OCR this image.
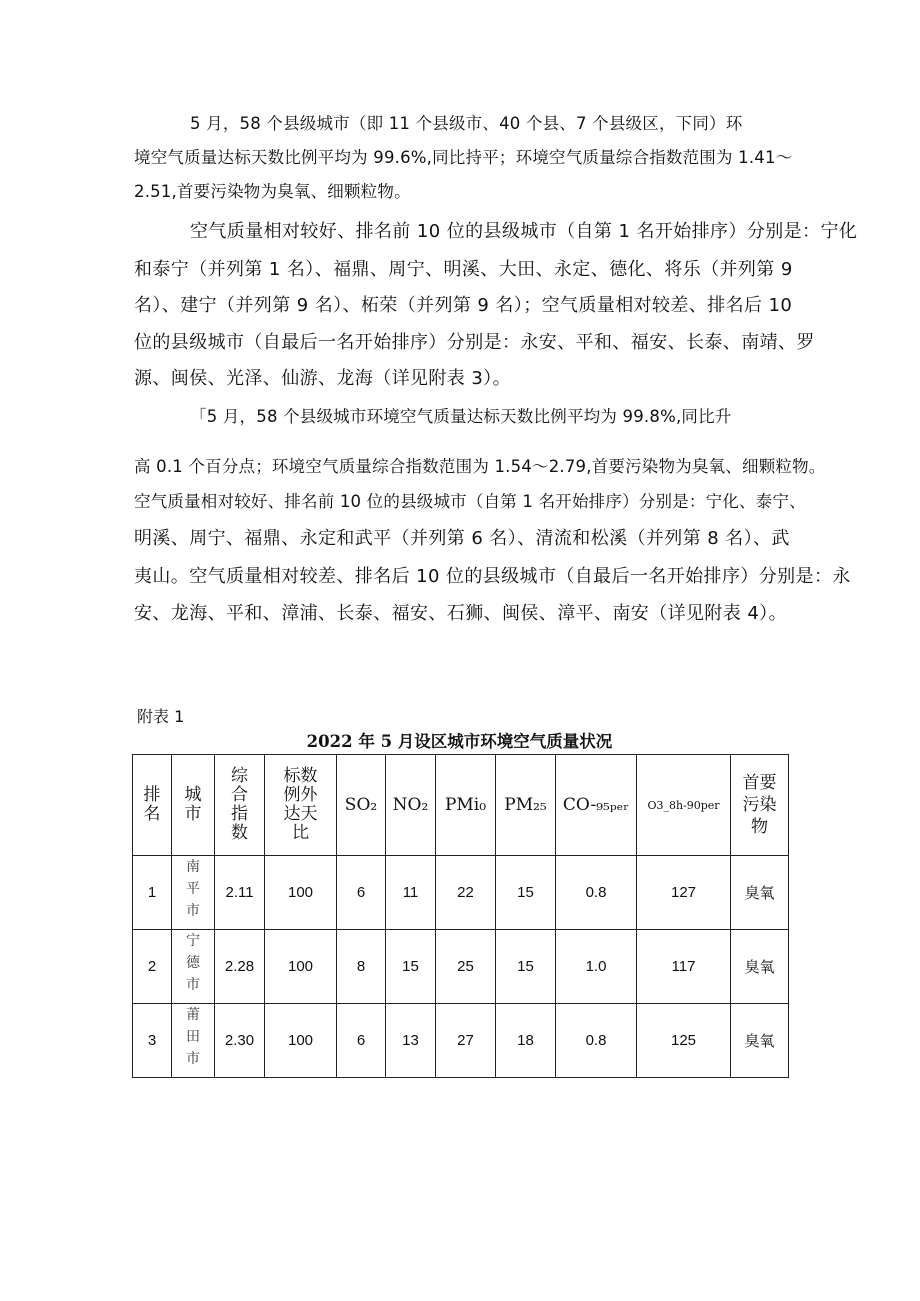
5 月，58 个县级城市（即 11 个县级市、40 个县、7 个县级区，下同）环
境空气质量达标天数比例平均为 99.6%,同比持平；环境空气质量综合指数范围为 1.41～
2.51,首要污染物为臭氧、细颗粒物。
空气质量相对较好、排名前 10 位的县级城市（自第 1 名开始排序）分别是：宁化
和泰宁（并列第 1 名）、福鼎、周宁、明溪、大田、永定、德化、将乐（并列第 9
名）、建宁（并列第 9 名）、柘荣（并列第 9 名）；空气质量相对较差、排名后 10
位的县级城市（自最后一名开始排序）分别是：永安、平和、福安、长泰、南靖、罗
源、闽侯、光泽、仙游、龙海（详见附表 3）。
「5 月，58 个县级城市环境空气质量达标天数比例平均为 99.8%,同比升
高 0.1 个百分点；环境空气质量综合指数范围为 1.54～2.79,首要污染物为臭氧、细颗粒物。
空气质量相对较好、排名前 10 位的县级城市（自第 1 名开始排序）分别是：宁化、泰宁、
明溪、周宁、福鼎、永定和武平（并列第 6 名）、清流和松溪（并列第 8 名）、武
夷山。空气质量相对较差、排名后 10 位的县级城市（自最后一名开始排序）分别是：永
安、龙海、平和、漳浦、长泰、福安、石狮、闽侯、漳平、南安（详见附表 4）。
附表 1
2022 年 5 月设区城市环境空气质量状况
排名	城市	综合指数	标数例外达天比	SO₂	NO₂	PMi₀	PM₂₅	CO-₉₅ₚₑᵣ	O3_8h-90per	首要污染物
1	南平市	2.11	100	6	11	22	15	0.8	127	臭氧
2	宁德市	2.28	100	8	15	25	15	1.0	117	臭氧
3	莆田市	2.30	100	6	13	27	18	0.8	125	臭氧
